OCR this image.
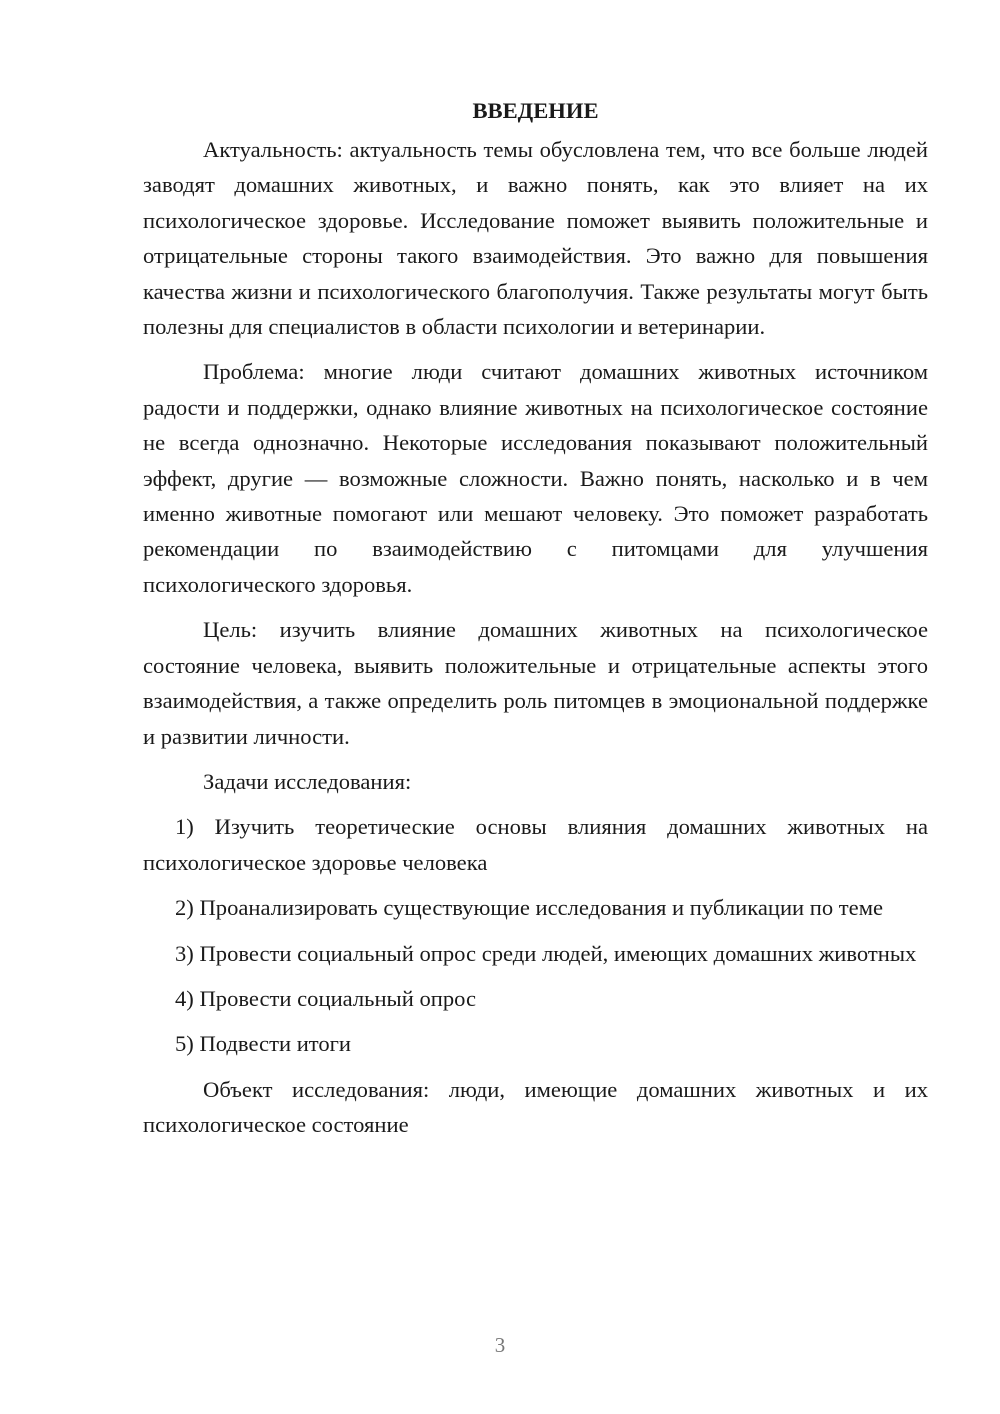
ВВЕДЕНИЕ

Актуальность: актуальность темы обусловлена тем, что все больше людей заводят домашних животных, и важно понять, как это влияет на их психологическое здоровье. Исследование поможет выявить положительные и отрицательные стороны такого взаимодействия. Это важно для повышения качества жизни и психологического благополучия. Также результаты могут быть полезны для специалистов в области психологии и ветеринарии.

Проблема: многие люди считают домашних животных источником радости и поддержки, однако влияние животных на психологическое состояние не всегда однозначно. Некоторые исследования показывают положительный эффект, другие — возможные сложности. Важно понять, насколько и в чем именно животные помогают или мешают человеку. Это поможет разработать рекомендации по взаимодействию с питомцами для улучшения психологического здоровья.

Цель: изучить влияние домашних животных на психологическое состояние человека, выявить положительные и отрицательные аспекты этого взаимодействия, а также определить роль питомцев в эмоциональной поддержке и развитии личности.

Задачи исследования:

1) Изучить теоретические основы влияния домашних животных на психологическое здоровье человека

2) Проанализировать существующие исследования и публикации по теме

3) Провести социальный опрос среди людей, имеющих домашних животных

4) Провести социальный опрос

5) Подвести итоги

Объект исследования: люди, имеющие домашних животных и их психологическое состояние

3
